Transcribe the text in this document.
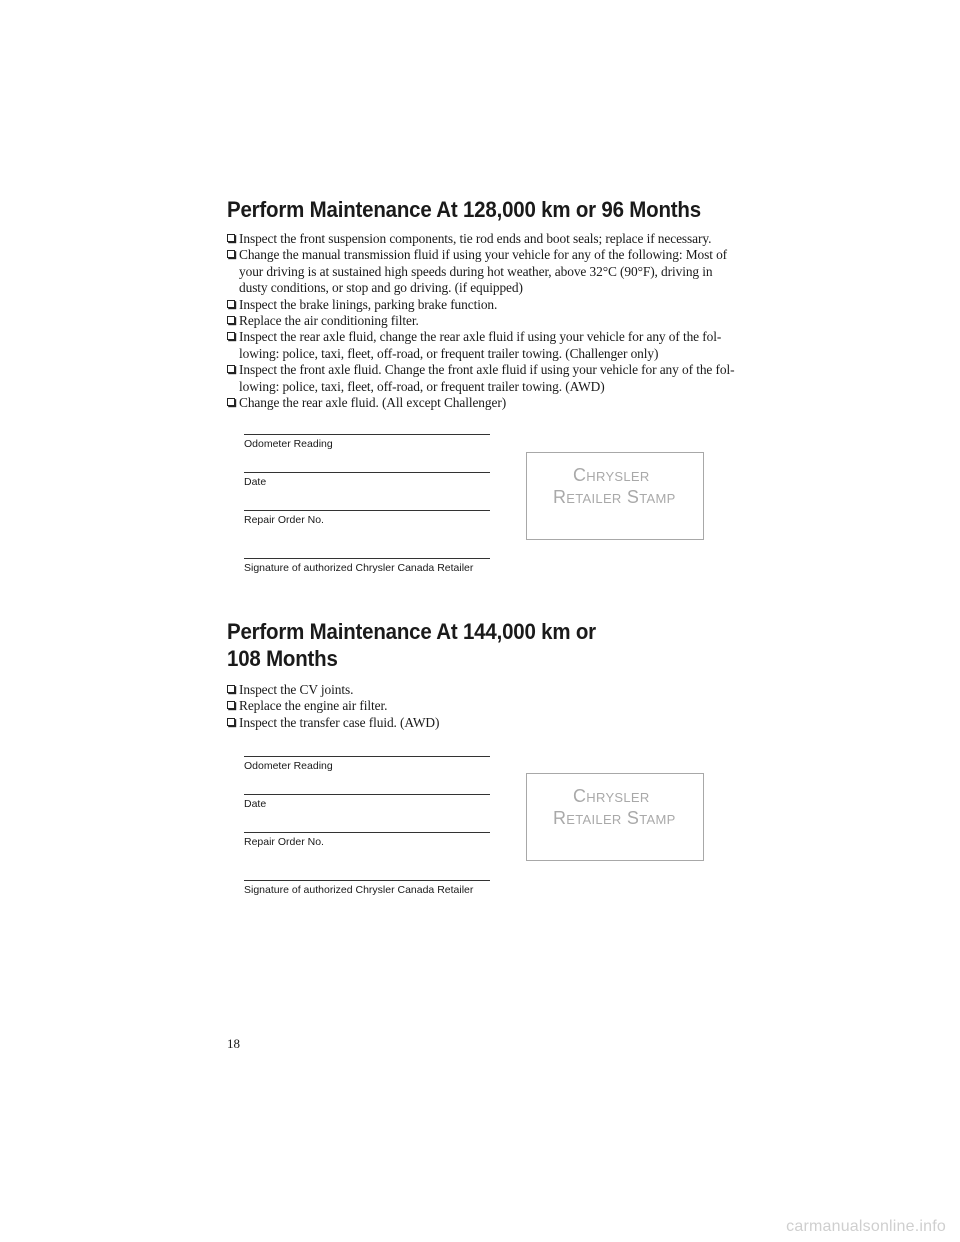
Perform Maintenance At 128,000 km or 96 Months
Inspect the front suspension components, tie rod ends and boot seals; replace if necessary.
Change the manual transmission fluid if using your vehicle for any of the following: Most of your driving is at sustained high speeds during hot weather, above 32°C (90°F), driving in dusty conditions, or stop and go driving. (if equipped)
Inspect the brake linings, parking brake function.
Replace the air conditioning filter.
Inspect the rear axle fluid, change the rear axle fluid if using your vehicle for any of the fol-lowing: police, taxi, fleet, off-road, or frequent trailer towing. (Challenger only)
Inspect the front axle fluid. Change the front axle fluid if using your vehicle for any of the fol-lowing: police, taxi, fleet, off-road, or frequent trailer towing. (AWD)
Change the rear axle fluid. (All except Challenger)
Odometer Reading
Date
Repair Order No.
Signature of authorized Chrysler Canada Retailer
Chrysler
Retailer Stamp
Perform Maintenance At 144,000 km or
108 Months
Inspect the CV joints.
Replace the engine air filter.
Inspect the transfer case fluid. (AWD)
Odometer Reading
Date
Repair Order No.
Signature of authorized Chrysler Canada Retailer
Chrysler
Retailer Stamp
18
carmanualsonline.info
